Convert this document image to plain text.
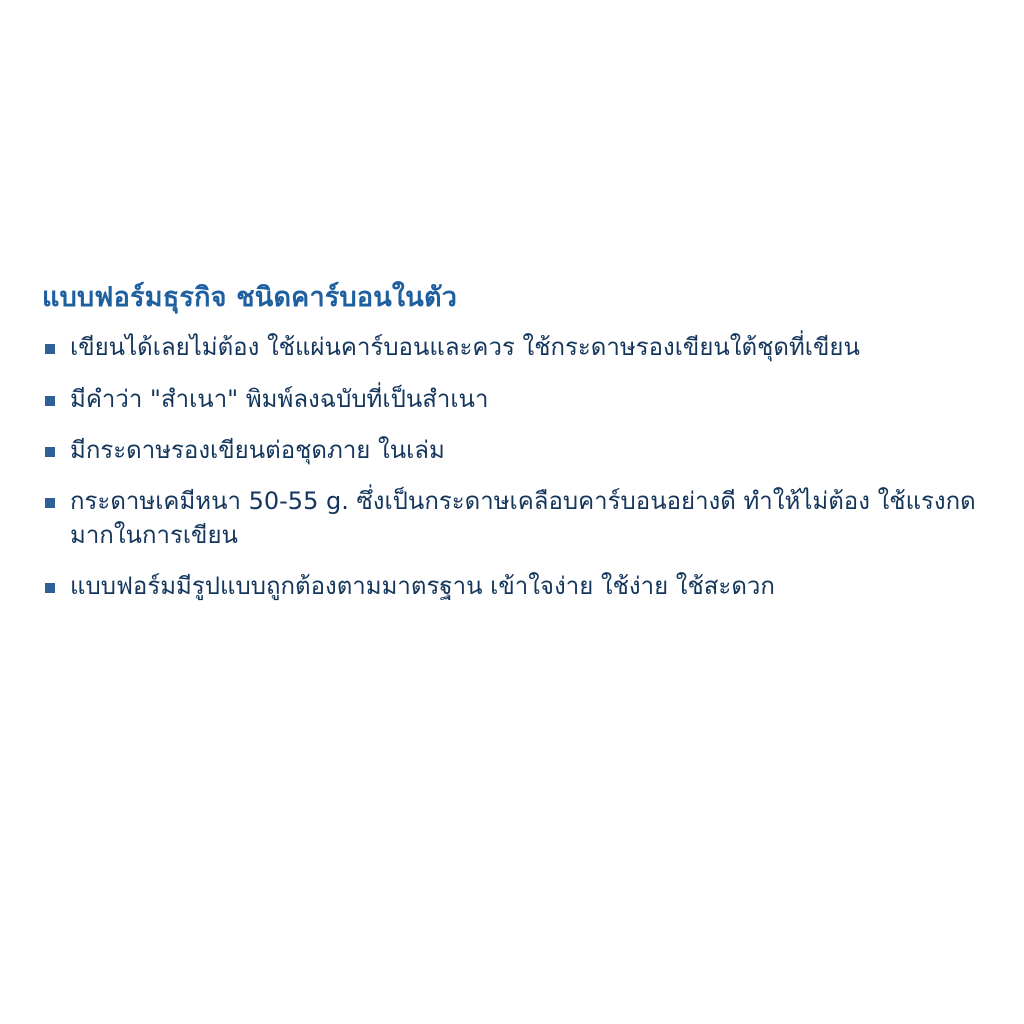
แบบฟอร์มธุรกิจ ชนิดคาร์บอนในตัว
เขียนได้เลยไม่ต้อง ใช้แผ่นคาร์บอนและควร ใช้กระดาษรองเขียนใต้ชุดที่เขียน
มีคำว่า "สำเนา" พิมพ์ลงฉบับที่เป็นสำเนา
มีกระดาษรองเขียนต่อชุดภาย ในเล่ม
กระดาษเคมีหนา 50-55 g. ซึ่งเป็นกระดาษเคลือบคาร์บอนอย่างดี ทำให้ไม่ต้อง ใช้แรงกดมากในการเขียน
แบบฟอร์มมีรูปแบบถูกต้องตามมาตรฐาน เข้าใจง่าย ใช้ง่าย ใช้สะดวก
